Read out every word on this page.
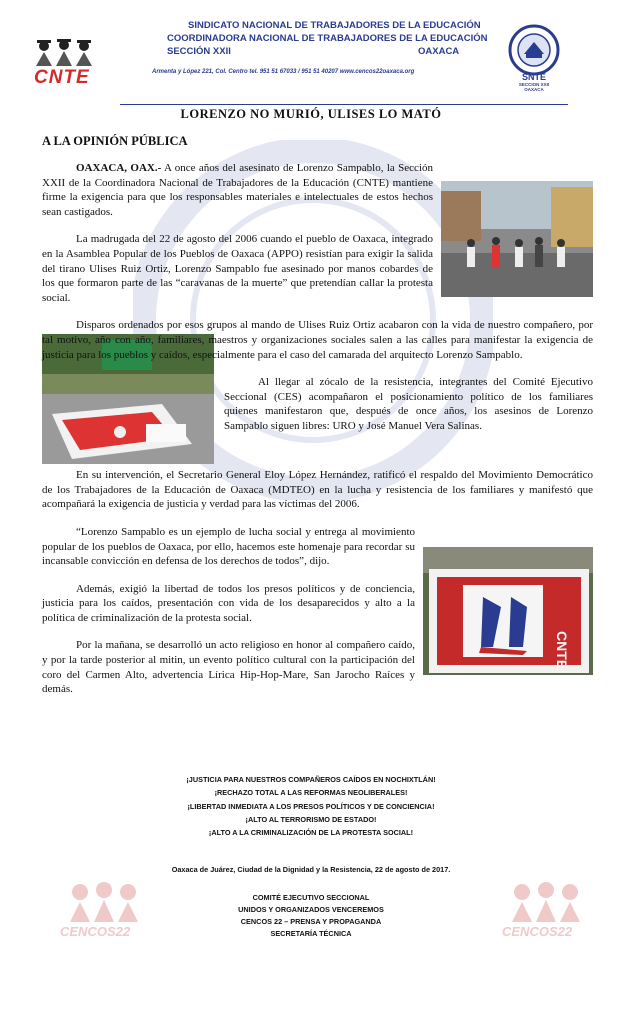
CNTE
SINDICATO NACIONAL DE TRABAJADORES DE LA EDUCACIÓN
COORDINADORA NACIONAL DE TRABAJADORES DE LA EDUCACIÓN
SECCIÓN XXII	OAXACA
Armenta y López 221, Col. Centro tel. 951 51 67033 / 951 51 40207 www.cencos22oaxaca.org	SNTE
SECCION XXII
OAXACA
LORENZO NO MURIÓ, ULISES LO MATÓ
A LA OPINIÓN PÚBLICA

OAXACA, OAX.- A once años del asesinato de Lorenzo Sampablo, la Sección XXII de la Coordinadora Nacional de Trabajadores de la Educación (CNTE) mantiene firme la exigencia para que los responsables materiales e intelectuales de estos hechos sean castigados.

La madrugada del 22 de agosto del 2006 cuando el pueblo de Oaxaca, integrado en la Asamblea Popular de los Pueblos de Oaxaca (APPO) resistían para exigir la salida del tirano Ulises Ruiz Ortiz, Lorenzo Sampablo fue asesinado por manos cobardes de los que formaron parte de las “caravanas de la muerte” que pretendían callar la protesta social.

Disparos ordenados por esos grupos al mando de Ulises Ruiz Ortiz acabaron con la vida de nuestro compañero, por tal motivo, año con año, familiares, maestros y organizaciones sociales salen a las calles para manifestar la exigencia de justicia para los pueblos y caídos, especialmente para el caso del camarada del arquitecto Lorenzo Sampablo.

Al llegar al zócalo de la resistencia, integrantes del Comité Ejecutivo Seccional (CES) acompañaron el posicionamiento político de los familiares quienes manifestaron que, después de once años, los asesinos de Lorenzo Sampablo siguen libres: URO y José Manuel Vera Salinas.

En su intervención, el Secretario General Eloy López Hernández, ratificó el respaldo del Movimiento Democrático de los Trabajadores de la Educación de Oaxaca (MDTEO) en la lucha y resistencia de los familiares y manifestó que acompañará la exigencia de justicia y verdad para las víctimas del 2006.

CNTE

“Lorenzo Sampablo es un ejemplo de lucha social y entrega al movimiento popular de los pueblos de Oaxaca, por ello, hacemos este homenaje para recordar su incansable convicción en defensa de los derechos de todos”, dijo.

Además, exigió la libertad de todos los presos políticos y de conciencia, justicia para los caídos, presentación con vida de los desaparecidos y alto a la política de criminalización de la protesta social.

Por la mañana, se desarrolló un acto religioso en honor al compañero caído, y por la tarde posterior al mitin, un evento político cultural con la participación del coro del Carmen Alto, advertencia Lírica Hip-Hop-Mare, San Jarocho Raíces y demás.

¡JUSTICIA PARA NUESTROS COMPAÑEROS CAÍDOS EN NOCHIXTLÁN!
¡RECHAZO TOTAL A LAS REFORMAS NEOLIBERALES!
¡LIBERTAD INMEDIATA A LOS PRESOS POLÍTICOS Y DE CONCIENCIA!
¡ALTO AL TERRORISMO DE ESTADO!
¡ALTO A LA CRIMINALIZACIÓN DE LA PROTESTA SOCIAL!
Oaxaca de Juárez, Ciudad de la Dignidad y la Resistencia, 22 de agosto de 2017.
CENCOS22	CENCOS22
COMITÉ EJECUTIVO SECCIONAL
UNIDOS Y ORGANIZADOS VENCEREMOS
CENCOS 22 – PRENSA Y PROPAGANDA
SECRETARÍA TÉCNICA
